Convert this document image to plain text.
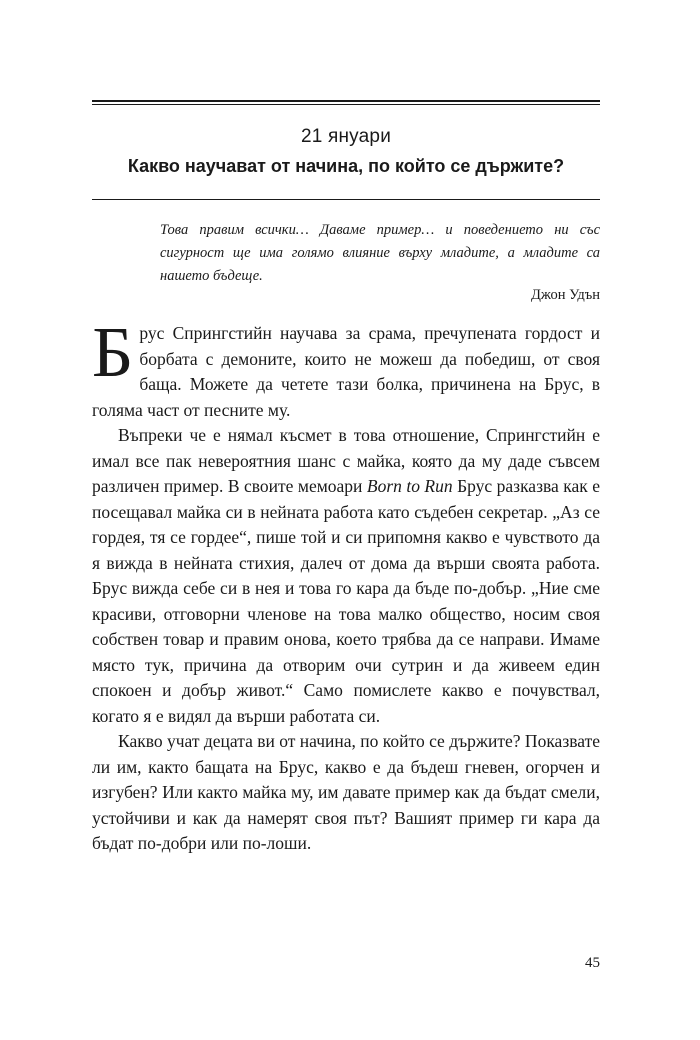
21 януари
Какво научават от начина, по който се държите?
Това правим всички… Даваме пример… и поведението ни със сигурност ще има голямо влияние върху младите, а младите са нашето бъдеще.
Джон Удън

Брус Спрингстийн научава за срама, пречупената гордост и борбата с демоните, които не можеш да победиш, от своя баща. Можете да четете тази болка, причинена на Брус, в голяма част от песните му.

Въпреки че е нямал късмет в това отношение, Спрингстийн е имал все пак невероятния шанс с майка, която да му даде съвсем различен пример. В своите мемоари Born to Run Брус разказва как е посещавал майка си в нейната работа като съдебен секретар. „Аз се гордея, тя се гордее“, пише той и си припомня какво е чувството да я вижда в нейната стихия, далеч от дома да върши своята работа. Брус вижда себе си в нея и това го кара да бъде по-добър. „Ние сме красиви, отговорни членове на това малко общество, носим своя собствен товар и правим онова, което трябва да се направи. Имаме място тук, причина да отворим очи сутрин и да живеем един спокоен и добър живот.“ Само помислете какво е почувствал, когато я е видял да върши работата си.

Какво учат децата ви от начина, по който се държите? Показвате ли им, както бащата на Брус, какво е да бъдеш гневен, огорчен и изгубен? Или както майка му, им давате пример как да бъдат смели, устойчиви и как да намерят своя път? Вашият пример ги кара да бъдат по-добри или по-лоши.

45
